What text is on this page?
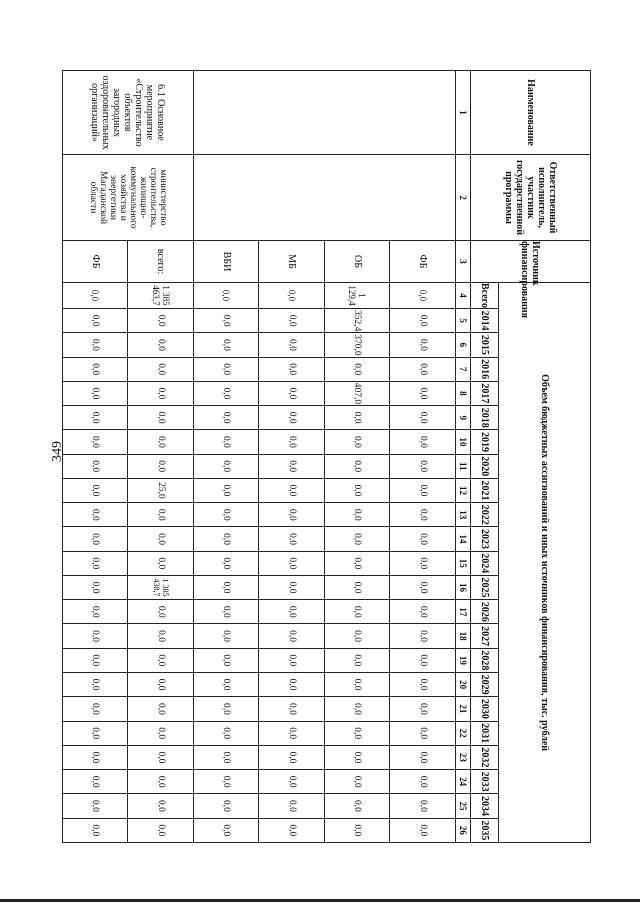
349
Наименование	Ответственный исполнитель, участник государственной программы	Источник финансирования	Объем бюджетных ассигнований и иных источников финансирования, тыс. рублей																						
			Всего	2014	2015	2016	2017	2018	2019	2020	2021	2022	2023	2024	2025	2026	2027	2028	2029	2030	2031	2032	2033	2034	2035
1	2	3	4	5	6	7	8	9	10	11	12	13	14	15	16	17	18	19	20	21	22	23	24	25	26
		ФБ	0,0	0,0	0,0	0,0	0,0	0,0	0,0	0,0	0,0	0,0	0,0	0,0	0,0	0,0	0,0	0,0	0,0	0,0	0,0	0,0	0,0	0,0	0,0
		ОБ	1 129,4	352,4	370,0	0,0	407,0	0,0	0,0	0,0	0,0	0,0	0,0	0,0	0,0	0,0	0,0	0,0	0,0	0,0	0,0	0,0	0,0	0,0	0,0
		МБ	0,0	0,0	0,0	0,0	0,0	0,0	0,0	0,0	0,0	0,0	0,0	0,0	0,0	0,0	0,0	0,0	0,0	0,0	0,0	0,0	0,0	0,0	0,0
		ВБИ	0,0	0,0	0,0	0,0	0,0	0,0	0,0	0,0	0,0	0,0	0,0	0,0	0,0	0,0	0,0	0,0	0,0	0,0	0,0	0,0	0,0	0,0	0,0
6.1 Основное мероприятие «Строительство объектов загородных оздоровительных организаций»	министерство строительства, жилищно-коммунального хозяйства и энергетики Магаданской области	всего:	1 385 463,7	0,0	0,0	0,0	0,0	0,0	0,0	0,0	25,0	0,0	0,0	0,0	1 385 438,7	0,0	0,0	0,0	0,0	0,0	0,0	0,0	0,0	0,0	0,0
		ФБ	0,0	0,0	0,0	0,0	0,0	0,0	0,0	0,0	0,0	0,0	0,0	0,0	0,0	0,0	0,0	0,0	0,0	0,0	0,0	0,0	0,0	0,0	0,0
